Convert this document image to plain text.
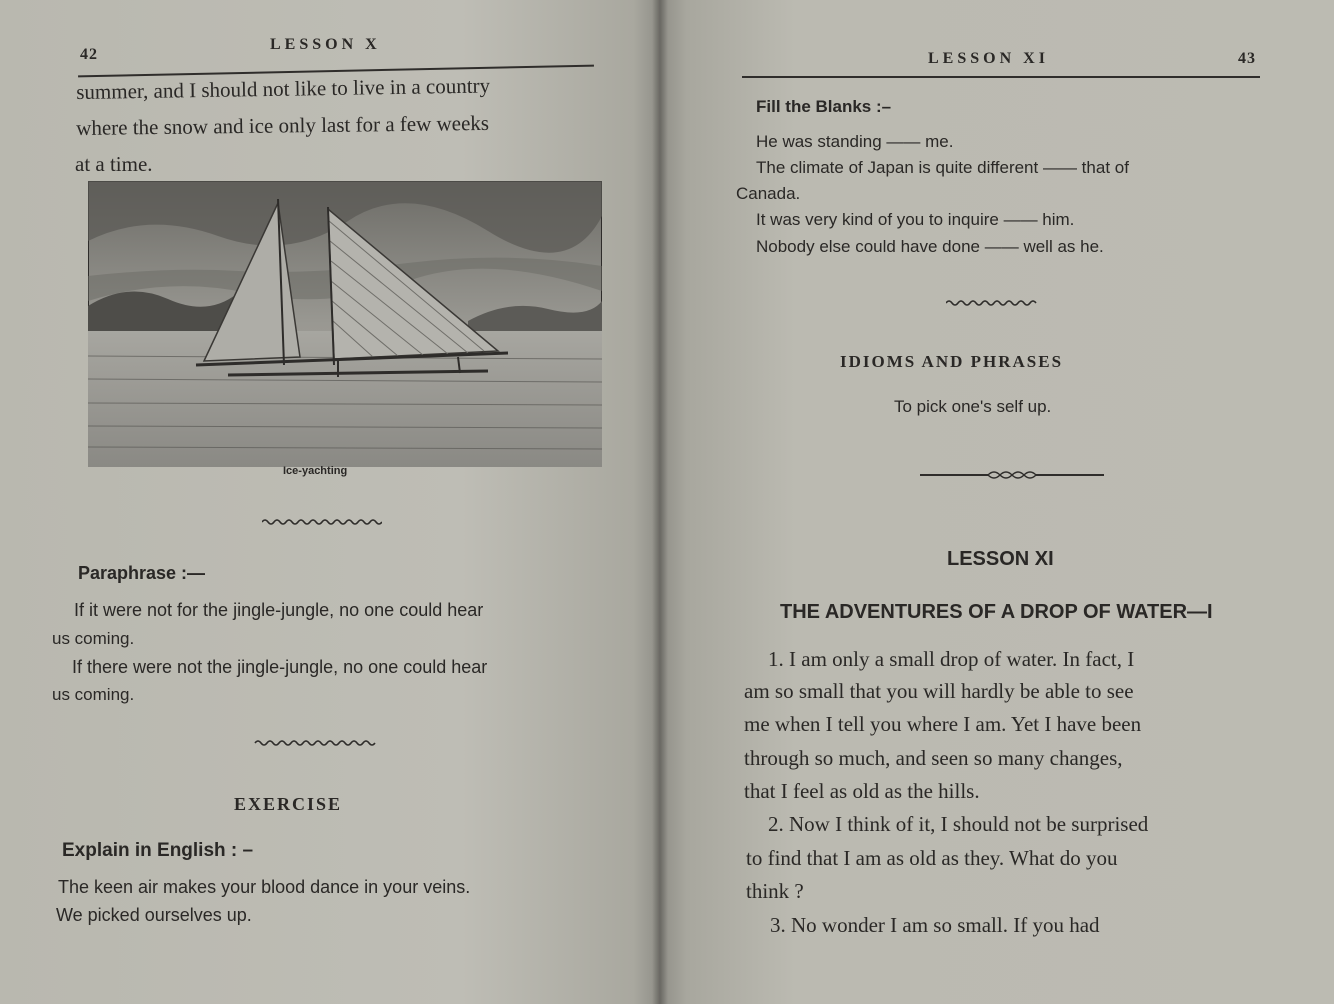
42
LESSON X
summer, and I should not like to live in a country
where the snow and ice only last for a few weeks
at a time.
Ice-yachting
Paraphrase :—
If it were not for the jingle-jungle, no one could hear
us coming.
If there were not the jingle-jungle, no one could hear
us coming.
EXERCISE
Explain in English : –
The keen air makes your blood dance in your veins.
We picked ourselves up.
LESSON XI	43
Fill the Blanks :–
He was standing —— me.
The climate of Japan is quite different —— that of
Canada.
It was very kind of you to inquire —— him.
Nobody else could have done —— well as he.
IDIOMS AND PHRASES
To pick one's self up.
LESSON XI
THE ADVENTURES OF A DROP OF WATER—I
1. I am only a small drop of water. In fact, I
am so small that you will hardly be able to see
me when I tell you where I am. Yet I have been
through so much, and seen so many changes,
that I feel as old as the hills.
2. Now I think of it, I should not be surprised
to find that I am as old as they. What do you
think ?
3. No wonder I am so small. If you had
